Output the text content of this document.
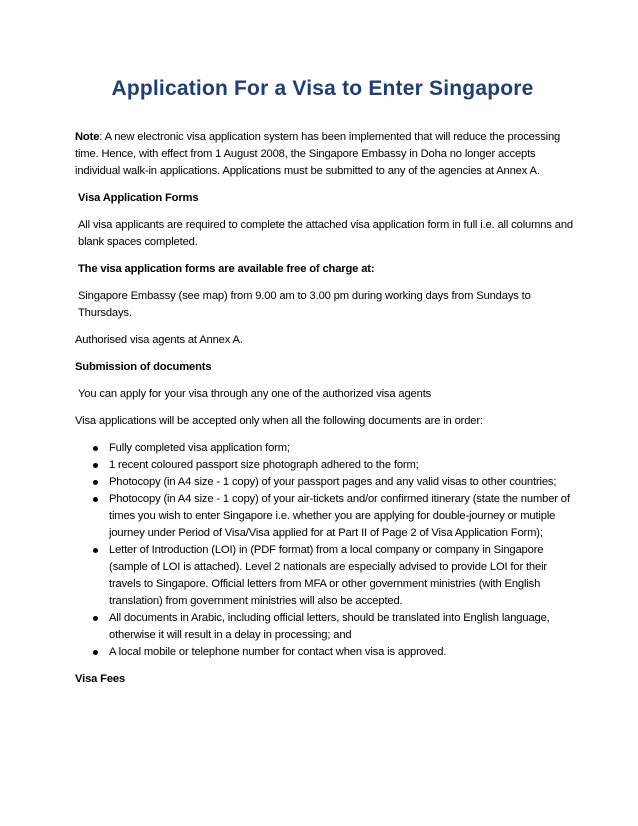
Application For a Visa to Enter Singapore

Note: A new electronic visa application system has been implemented that will reduce the processing time. Hence, with effect from 1 August 2008, the Singapore Embassy in Doha no longer accepts individual walk-in applications. Applications must be submitted to any of the agencies at Annex A.

Visa Application Forms

All visa applicants are required to complete the attached visa application form in full i.e. all columns and blank spaces completed.

The visa application forms are available free of charge at:

Singapore Embassy (see map) from 9.00 am to 3.00 pm during working days from Sundays to Thursdays.

Authorised visa agents at Annex A.

Submission of documents

You can apply for your visa through any one of the authorized visa agents

Visa applications will be accepted only when all the following documents are in order:

Fully completed visa application form;
1 recent coloured passport size photograph adhered to the form;
Photocopy (in A4 size - 1 copy) of your passport pages and any valid visas to other countries;
Photocopy (in A4 size - 1 copy) of your air-tickets and/or confirmed itinerary (state the number of times you wish to enter Singapore i.e. whether you are applying for double-journey or mutiple journey under Period of Visa/Visa applied for at Part II of Page 2 of Visa Application Form);
Letter of Introduction (LOI) in (PDF format) from a local company or company in Singapore (sample of LOI is attached). Level 2 nationals are especially advised to provide LOI for their travels to Singapore. Official letters from MFA or other government ministries (with English translation) from government ministries will also be accepted.
All documents in Arabic, including official letters, should be translated into English language, otherwise it will result in a delay in processing; and
A local mobile or telephone number for contact when visa is approved.

Visa Fees
